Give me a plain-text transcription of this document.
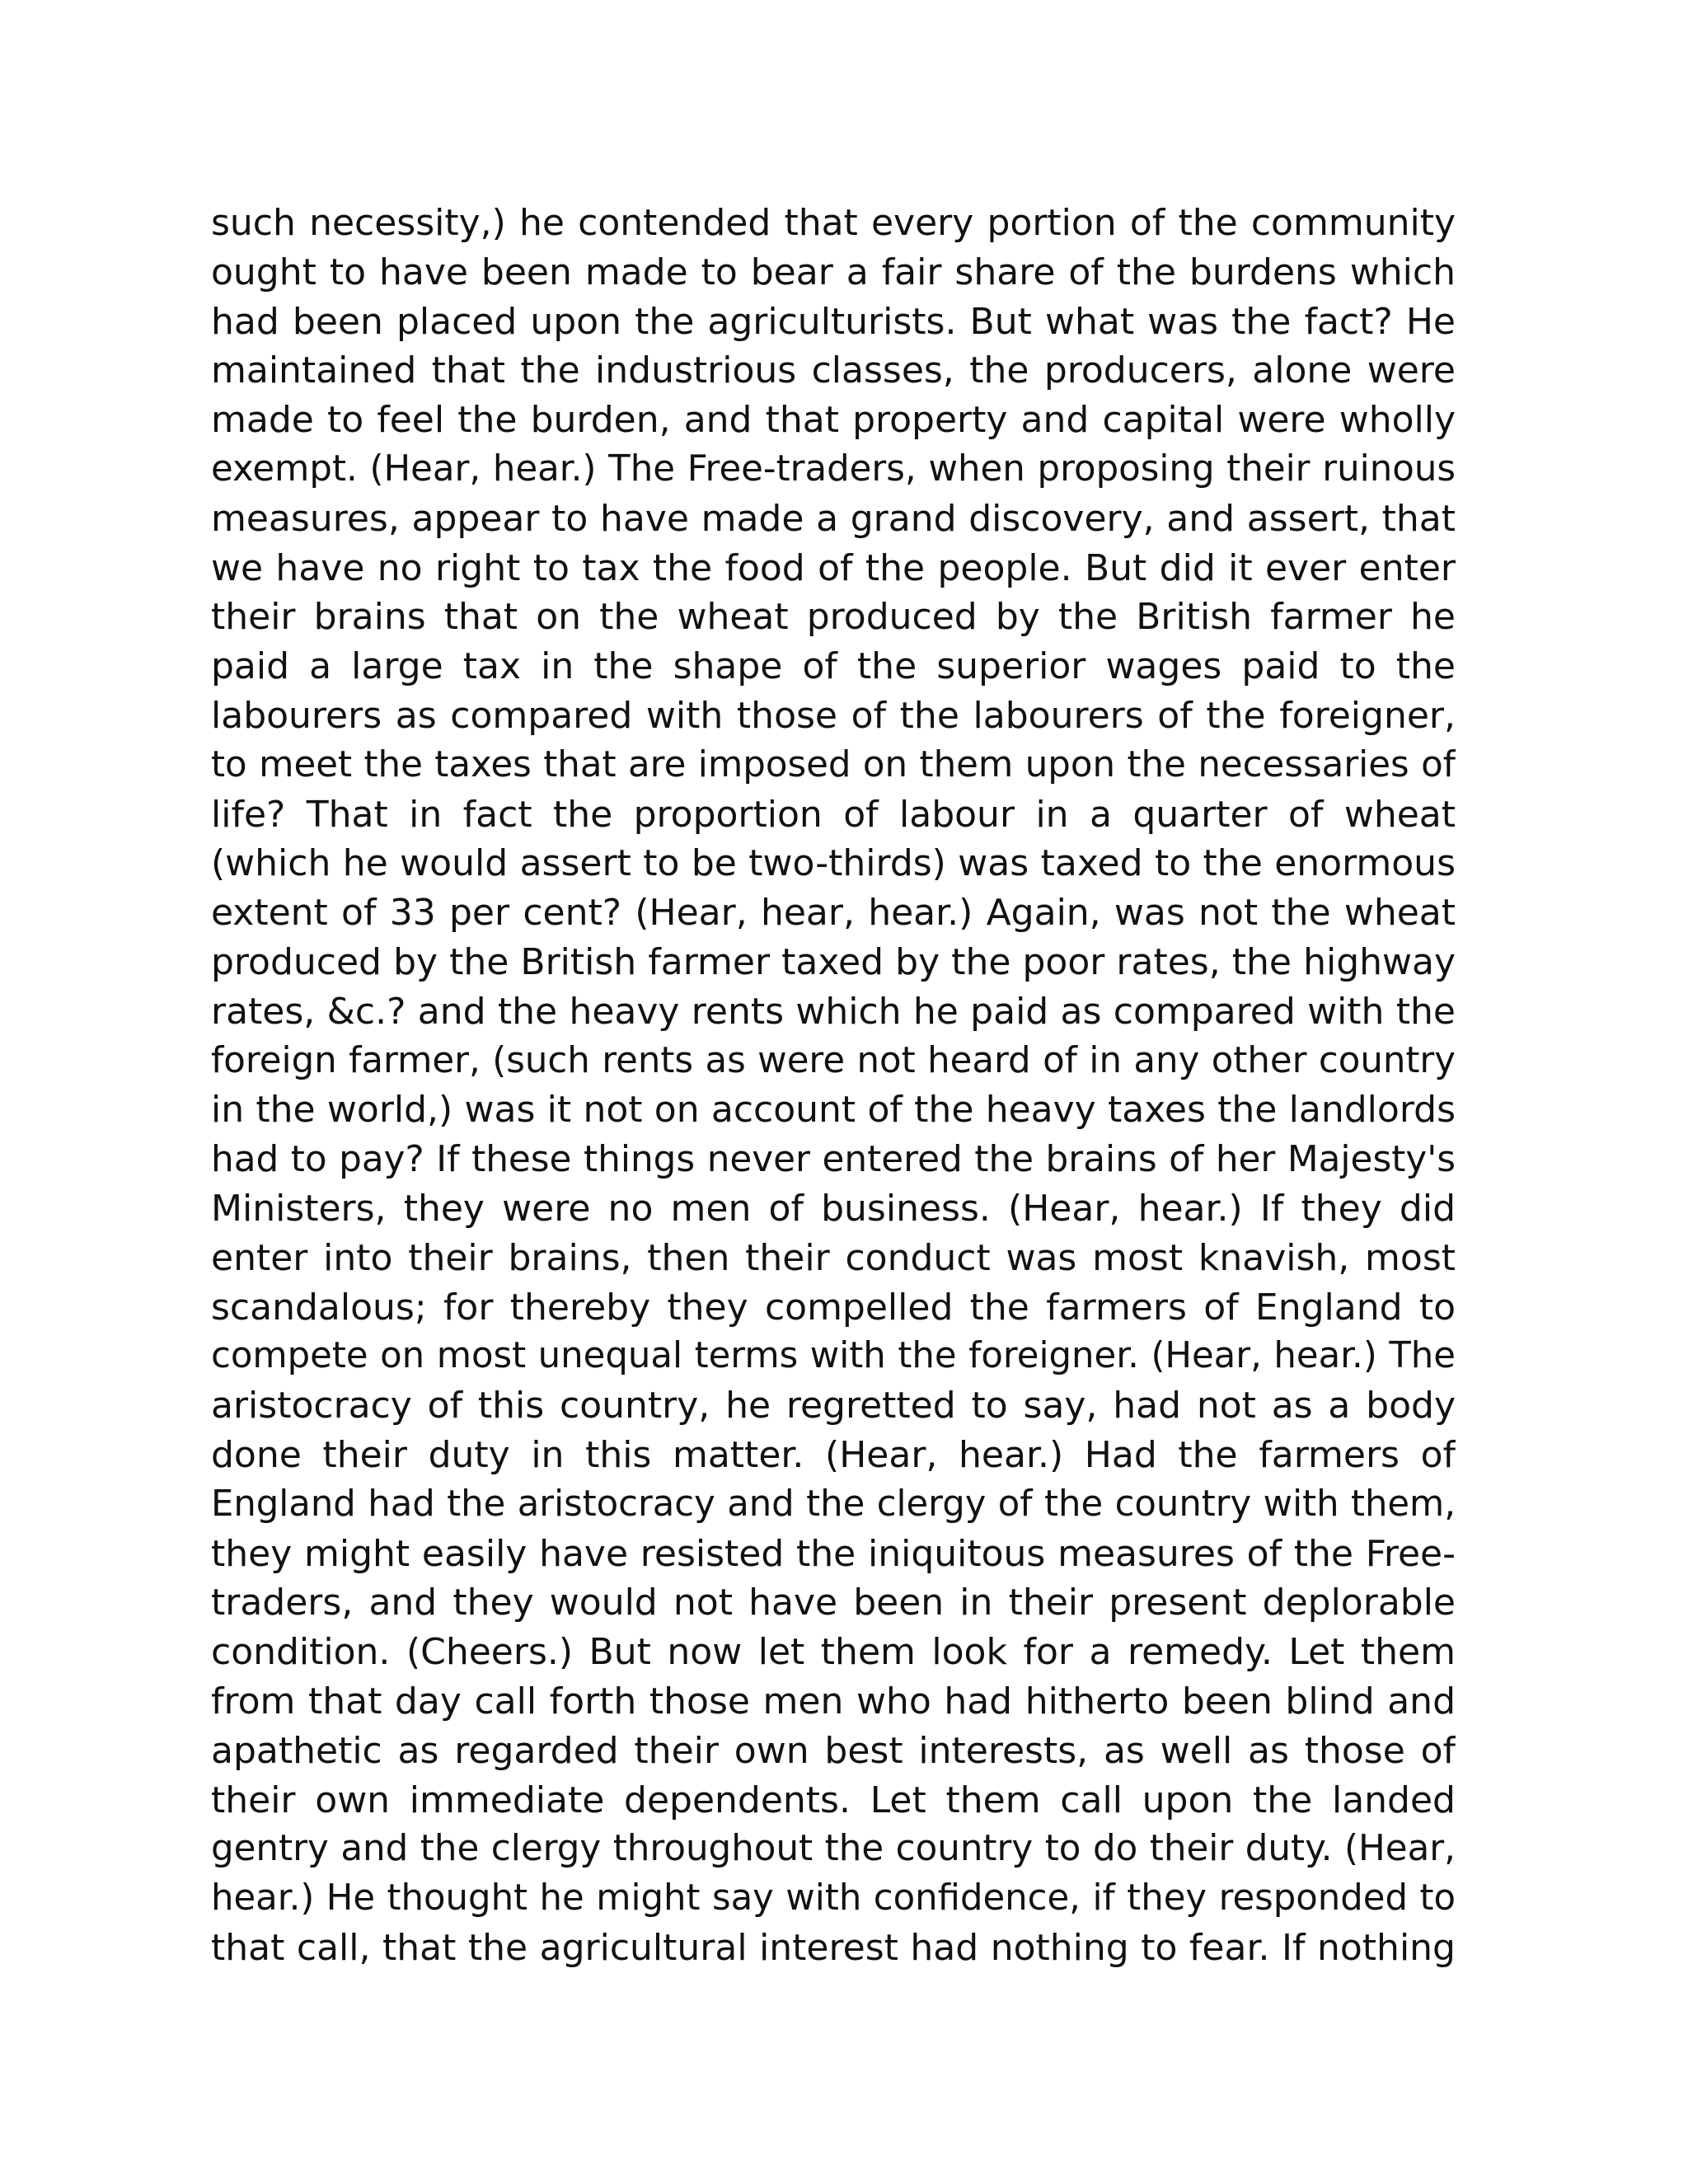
such necessity,) he contended that every portion of the community
ought to have been made to bear a fair share of the burdens which
had been placed upon the agriculturists. But what was the fact? He
maintained that the industrious classes, the producers, alone were
made to feel the burden, and that property and capital were wholly
exempt. (Hear, hear.) The Free-traders, when proposing their ruinous
measures, appear to have made a grand discovery, and assert, that
we have no right to tax the food of the people. But did it ever enter
their brains that on the wheat produced by the British farmer he
paid a large tax in the shape of the superior wages paid to the
labourers as compared with those of the labourers of the foreigner,
to meet the taxes that are imposed on them upon the necessaries of
life? That in fact the proportion of labour in a quarter of wheat
(which he would assert to be two-thirds) was taxed to the enormous
extent of 33 per cent? (Hear, hear, hear.) Again, was not the wheat
produced by the British farmer taxed by the poor rates, the highway
rates, &c.? and the heavy rents which he paid as compared with the
foreign farmer, (such rents as were not heard of in any other country
in the world,) was it not on account of the heavy taxes the landlords
had to pay? If these things never entered the brains of her Majesty's
Ministers, they were no men of business. (Hear, hear.) If they did
enter into their brains, then their conduct was most knavish, most
scandalous; for thereby they compelled the farmers of England to
compete on most unequal terms with the foreigner. (Hear, hear.) The
aristocracy of this country, he regretted to say, had not as a body
done their duty in this matter. (Hear, hear.) Had the farmers of
England had the aristocracy and the clergy of the country with them,
they might easily have resisted the iniquitous measures of the Free-
traders, and they would not have been in their present deplorable
condition. (Cheers.) But now let them look for a remedy. Let them
from that day call forth those men who had hitherto been blind and
apathetic as regarded their own best interests, as well as those of
their own immediate dependents. Let them call upon the landed
gentry and the clergy throughout the country to do their duty. (Hear,
hear.) He thought he might say with confidence, if they responded to
that call, that the agricultural interest had nothing to fear. If nothing
